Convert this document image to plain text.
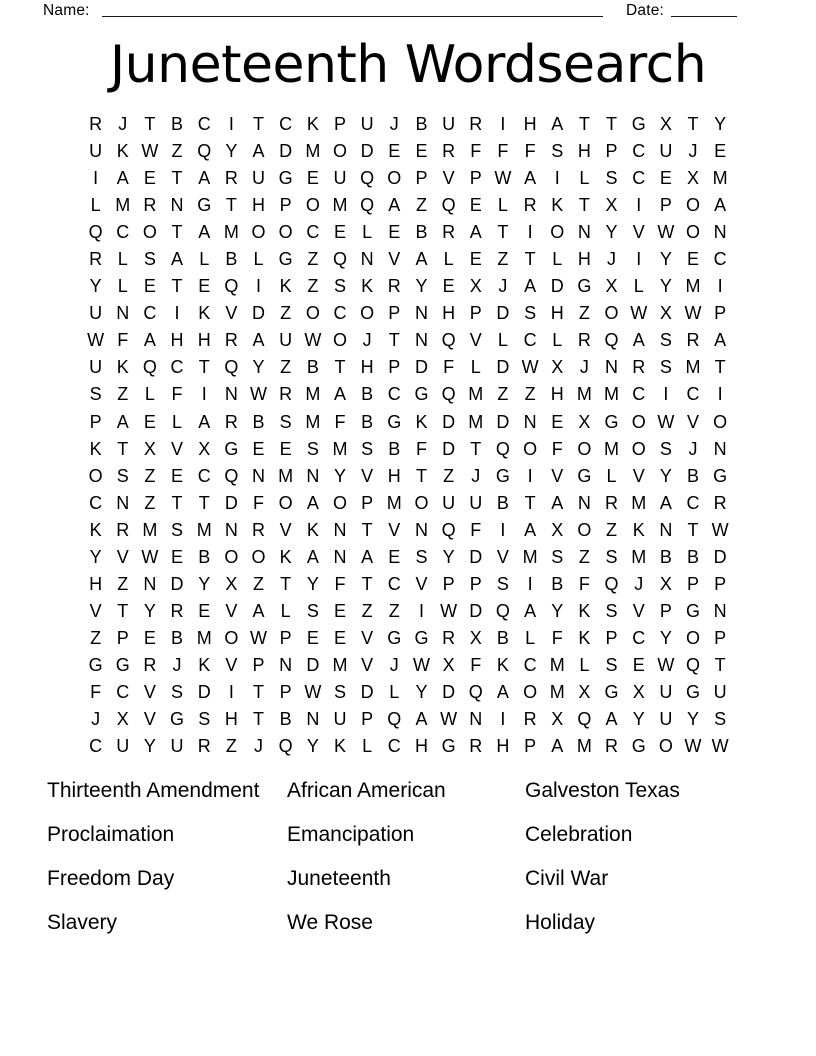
Name:	Date:
Juneteenth Wordsearch
R J T B C	I	T C K P U J B U R	I	H A T T G X T Y
U K W Z Q Y A D M O D E E R F F F S H P C U J E
I	A E T A R U G E U Q O P V P W A	I	L S C E X M
L M R N G T H P O M Q A Z Q E L R K T X	I	P O A
Q C O T A M O O C E L E B R A T	I O N Y V W O N
R L S A L B L G Z Q N V A L E Z T L H J	I	Y E C
Y L E T E Q I	K Z S K R Y E X J A D G X L Y M I
U N C	I	K V D Z O C O P N H P D S H Z O W X W P
W F A H H R A U W O J T N Q V L C L R Q A S R A
U K Q C T Q Y Z B T H P D F L D W X J N R S M T
S Z L F	I	N W R M A B C G Q M Z Z H M M C	I	C	I
P A E L A R B S M F B G K D M D N E X G O W V O
K T X V X G E E S M S B F D T Q O F O M O S J N
O S Z E C Q N M N Y V H T Z J G I	V G L V Y B G
C N Z T T D F O A O P M O U U B T A N R M A C R
K R M S M N R V K N T V N Q F	I	A X O Z K N T W
Y V W E B O O K A N A E S Y D V M S Z S M B B D
H Z N D Y X Z T Y F T C V P P S	I	B F Q J X P P
V T Y R E V A L S E Z Z	I W D Q A Y K S V P G N
Z P E B M O W P E E V G G R X B L F K P C Y O P
G G R J K V P N D M V J W X F K C M L S E W Q T
F C V S D	I	T P W S D L Y D Q A O M X G X U G U
J X V G S H T B N U P Q A W N	I	R X Q A Y U Y S
C U Y U R Z J Q Y K L C H G R H P A M R G O W W
Thirteenth Amendment
Proclaimation
Freedom Day
Slavery
African American
Emancipation
Juneteenth
We Rose
Galveston Texas
Celebration
Civil War
Holiday
